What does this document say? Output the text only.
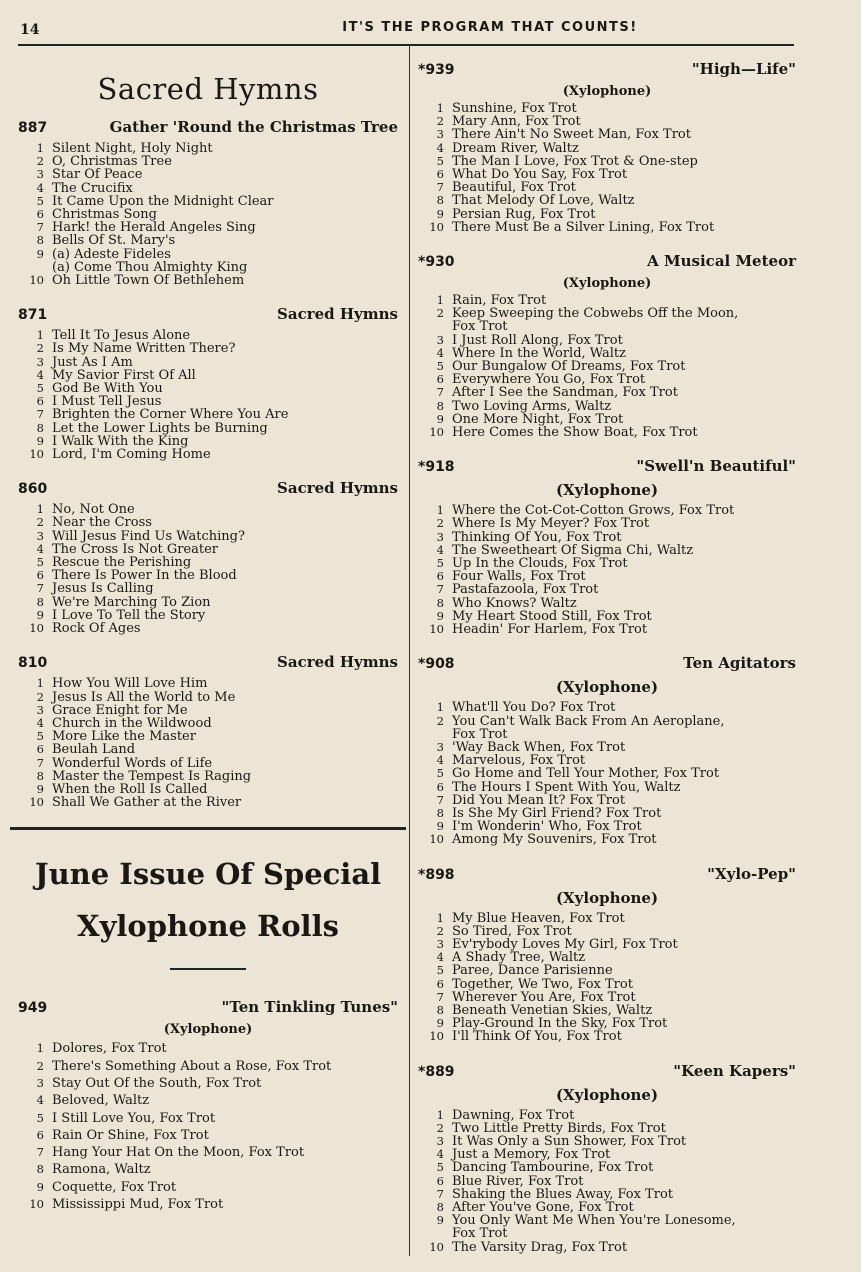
14	IT'S THE PROGRAM THAT COUNTS!
Sacred Hymns
887	Gather 'Round the Christmas Tree
1 Silent Night, Holy Night
2 O, Christmas Tree
3 Star Of Peace
4 The Crucifix
5 It Came Upon the Midnight Clear
6 Christmas Song
7 Hark! the Herald Angeles Sing
8 Bells Of St. Mary's
9 (a) Adeste Fideles
(a) Come Thou Almighty King
10 Oh Little Town Of Bethlehem
871	Sacred Hymns
1 Tell It To Jesus Alone
2 Is My Name Written There?
3 Just As I Am
4 My Savior First Of All
5 God Be With You
6 I Must Tell Jesus
7 Brighten the Corner Where You Are
8 Let the Lower Lights be Burning
9 I Walk With the King
10 Lord, I'm Coming Home
860	Sacred Hymns
1 No, Not One
2 Near the Cross
3 Will Jesus Find Us Watching?
4 The Cross Is Not Greater
5 Rescue the Perishing
6 There Is Power In the Blood
7 Jesus Is Calling
8 We're Marching To Zion
9 I Love To Tell the Story
10 Rock Of Ages
810	Sacred Hymns
1 How You Will Love Him
2 Jesus Is All the World to Me
3 Grace Enight for Me
4 Church in the Wildwood
5 More Like the Master
6 Beulah Land
7 Wonderful Words of Life
8 Master the Tempest Is Raging
9 When the Roll Is Called
10 Shall We Gather at the River
June Issue Of Special
Xylophone Rolls
949	"Ten Tinkling Tunes"
(Xylophone)
1 Dolores, Fox Trot
2 There's Something About a Rose, Fox Trot
3 Stay Out Of the South, Fox Trot
4 Beloved, Waltz
5 I Still Love You, Fox Trot
6 Rain Or Shine, Fox Trot
7 Hang Your Hat On the Moon, Fox Trot
8 Ramona, Waltz
9 Coquette, Fox Trot
10 Mississippi Mud, Fox Trot
*939	"High—Life"
(Xylophone)
1 Sunshine, Fox Trot
2 Mary Ann, Fox Trot
3 There Ain't No Sweet Man, Fox Trot
4 Dream River, Waltz
5 The Man I Love, Fox Trot & One-step
6 What Do You Say, Fox Trot
7 Beautiful, Fox Trot
8 That Melody Of Love, Waltz
9 Persian Rug, Fox Trot
10 There Must Be a Silver Lining, Fox Trot
*930	A Musical Meteor
(Xylophone)
1 Rain, Fox Trot
2 Keep Sweeping the Cobwebs Off the Moon,
Fox Trot
3 I Just Roll Along, Fox Trot
4 Where In the World, Waltz
5 Our Bungalow Of Dreams, Fox Trot
6 Everywhere You Go, Fox Trot
7 After I See the Sandman, Fox Trot
8 Two Loving Arms, Waltz
9 One More Night, Fox Trot
10 Here Comes the Show Boat, Fox Trot
*918	"Swell'n Beautiful"
(Xylophone)
1 Where the Cot-Cot-Cotton Grows, Fox Trot
2 Where Is My Meyer? Fox Trot
3 Thinking Of You, Fox Trot
4 The Sweetheart Of Sigma Chi, Waltz
5 Up In the Clouds, Fox Trot
6 Four Walls, Fox Trot
7 Pastafazoola, Fox Trot
8 Who Knows? Waltz
9 My Heart Stood Still, Fox Trot
10 Headin' For Harlem, Fox Trot
*908	Ten Agitators
(Xylophone)
1 What'll You Do? Fox Trot
2 You Can't Walk Back From An Aeroplane,
Fox Trot
3 'Way Back When, Fox Trot
4 Marvelous, Fox Trot
5 Go Home and Tell Your Mother, Fox Trot
6 The Hours I Spent With You, Waltz
7 Did You Mean It? Fox Trot
8 Is She My Girl Friend? Fox Trot
9 I'm Wonderin' Who, Fox Trot
10 Among My Souvenirs, Fox Trot
*898	"Xylo-Pep"
(Xylophone)
1 My Blue Heaven, Fox Trot
2 So Tired, Fox Trot
3 Ev'rybody Loves My Girl, Fox Trot
4 A Shady Tree, Waltz
5 Paree, Dance Parisienne
6 Together, We Two, Fox Trot
7 Wherever You Are, Fox Trot
8 Beneath Venetian Skies, Waltz
9 Play-Ground In the Sky, Fox Trot
10 I'll Think Of You, Fox Trot
*889	"Keen Kapers"
(Xylophone)
1 Dawning, Fox Trot
2 Two Little Pretty Birds, Fox Trot
3 It Was Only a Sun Shower, Fox Trot
4 Just a Memory, Fox Trot
5 Dancing Tambourine, Fox Trot
6 Blue River, Fox Trot
7 Shaking the Blues Away, Fox Trot
8 After You've Gone, Fox Trot
9 You Only Want Me When You're Lonesome,
Fox Trot
10 The Varsity Drag, Fox Trot
